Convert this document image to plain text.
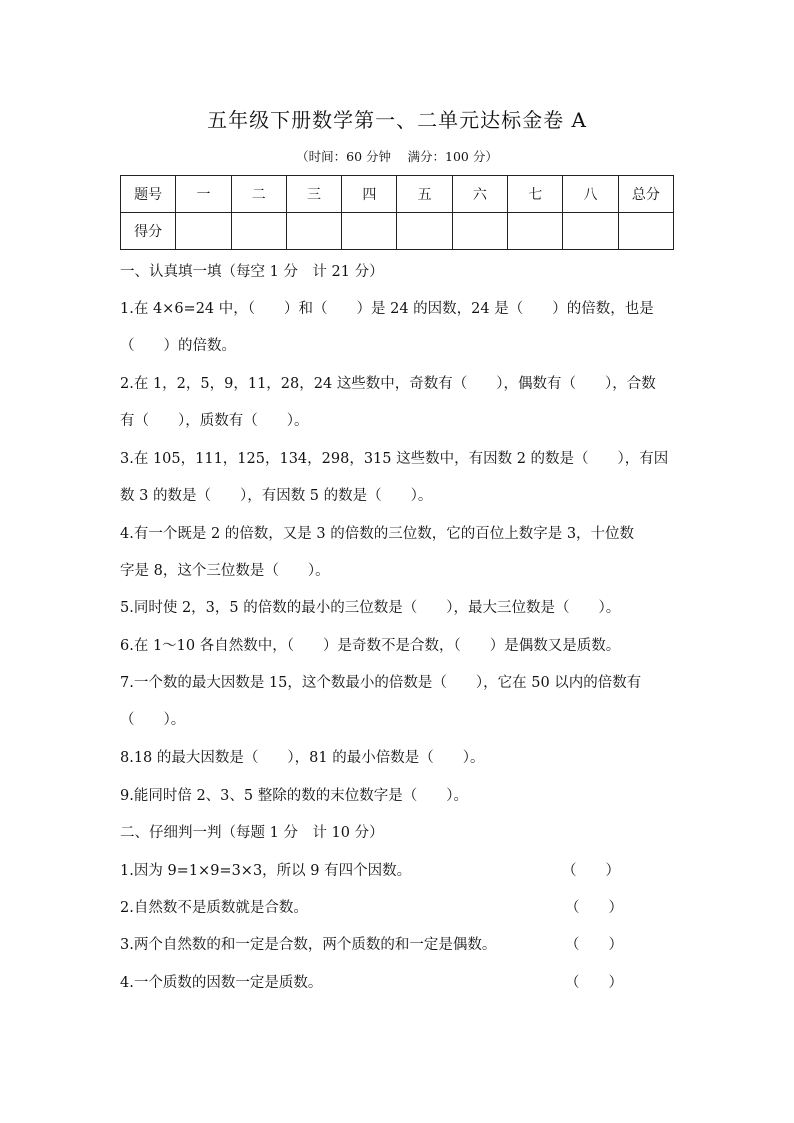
五年级下册数学第一、二单元达标金卷 A
（时间：60 分钟　 满分：100 分）
题号	一	二	三	四	五	六	七	八	总分
得分									
一、认真填一填（每空 1 分　计 21 分）
1.在 4×6=24 中，（　　）和（　　）是 24 的因数，24 是（　　）的倍数，也是
（　　）的倍数。
2.在 1，2，5，9，11，28，24 这些数中，奇数有（　　），偶数有（　　），合数
有（　　），质数有（　　）。
3.在 105，111，125，134，298，315 这些数中，有因数 2 的数是（　　），有因
数 3 的数是（　　），有因数 5 的数是（　　）。
4.有一个既是 2 的倍数，又是 3 的倍数的三位数，它的百位上数字是 3，十位数
字是 8，这个三位数是（　　）。
5.同时使 2，3，5 的倍数的最小的三位数是（　　），最大三位数是（　　）。
6.在 1～10 各自然数中，（　　）是奇数不是合数，（　　）是偶数又是质数。
7.一个数的最大因数是 15，这个数最小的倍数是（　　），它在 50 以内的倍数有
（　　）。
8.18 的最大因数是（　　），81 的最小倍数是（　　）。
9.能同时倍 2、3、5 整除的数的末位数字是（　　）。
二、仔细判一判（每题 1 分　计 10 分）
1.因为 9=1×9=3×3，所以 9 有四个因数。	（　　）
2.自然数不是质数就是合数。	（　　）
3.两个自然数的和一定是合数，两个质数的和一定是偶数。	（　　）
4.一个质数的因数一定是质数。	（　　）
